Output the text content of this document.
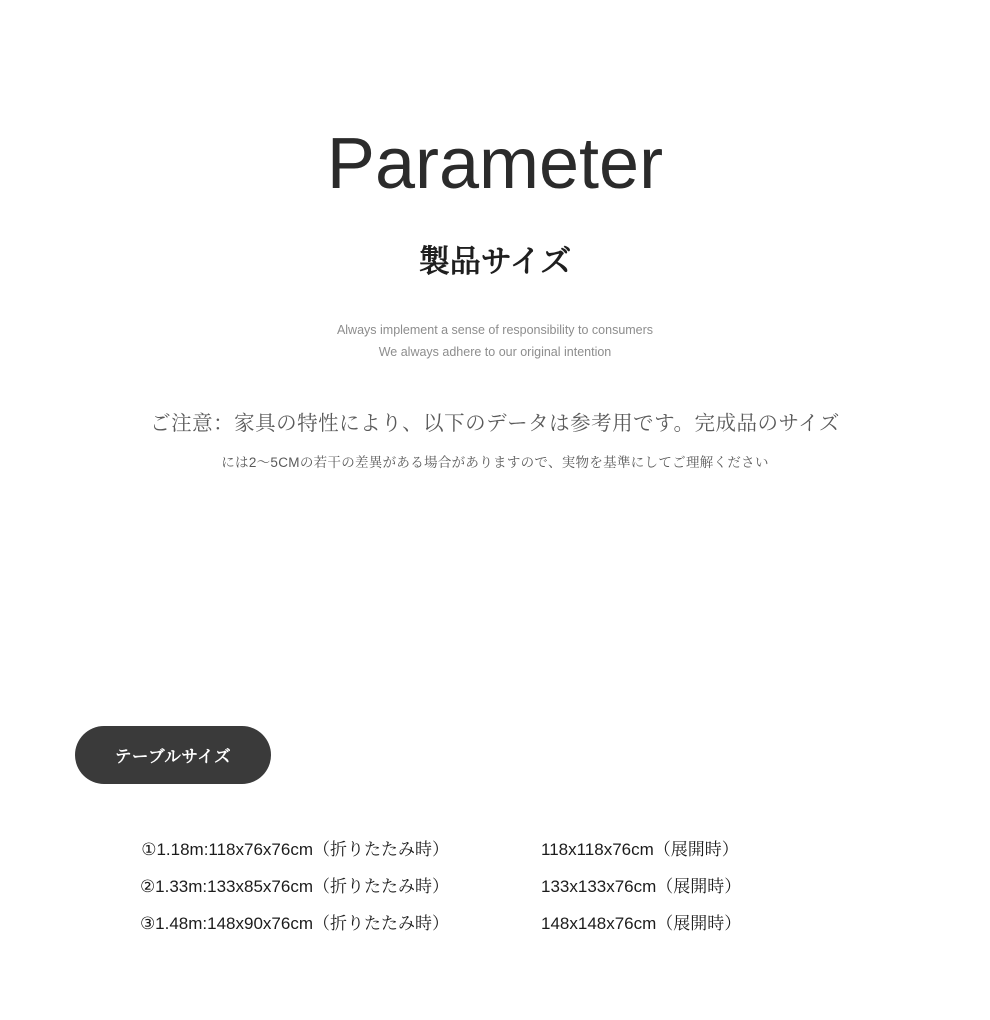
Parameter
製品サイズ
Always implement a sense of responsibility to consumers
We always adhere to our original intention
ご注意：家具の特性により、以下のデータは参考用です。完成品のサイズ
には2〜5CMの若干の差異がある場合がありますので、実物を基準にしてご理解ください
テーブルサイズ
①1.18m:118x76x76cm（折りたたみ時）	118x118x76cm（展開時）
②1.33m:133x85x76cm（折りたたみ時）	133x133x76cm（展開時）
③1.48m:148x90x76cm（折りたたみ時）	148x148x76cm（展開時）
